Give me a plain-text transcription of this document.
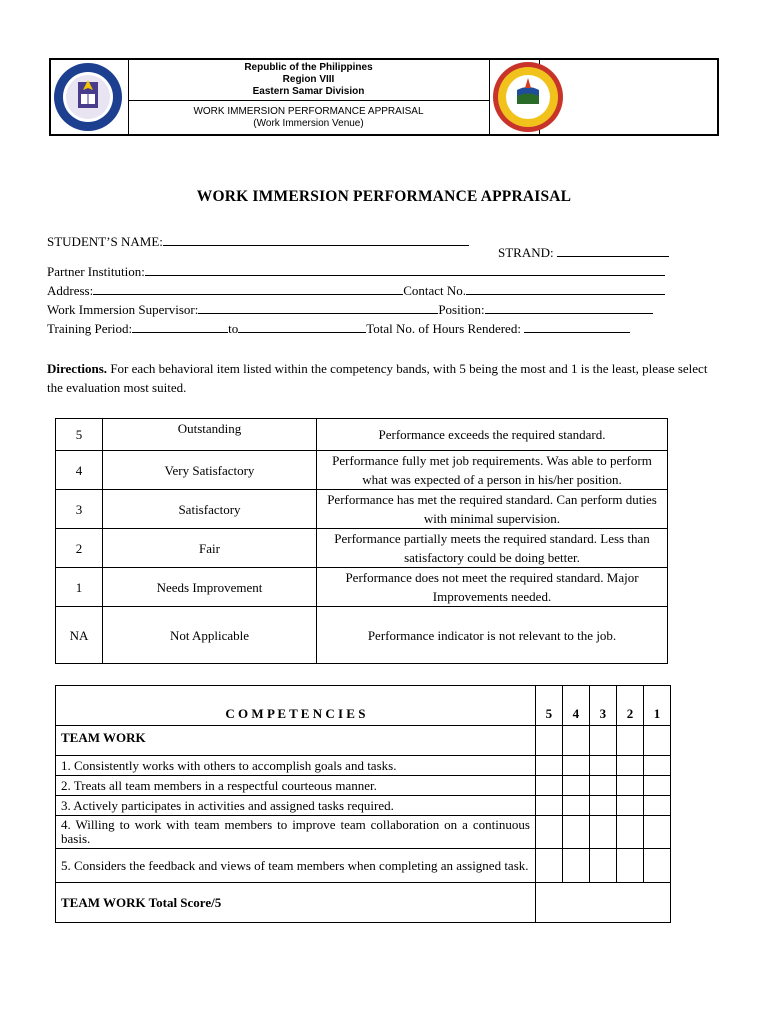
Republic of the Philippines
Region VIII
Eastern Samar Division
WORK IMMERSION PERFORMANCE APPRAISAL
(Work Immersion Venue)
WORK IMMERSION PERFORMANCE APPRAISAL
STUDENT’S NAME:
STRAND:
Partner Institution:
Address:	Contact No.
Work Immersion Supervisor:	Position:
Training Period:	to	Total No. of Hours Rendered:
Directions. For each behavioral item listed within the competency bands, with 5 being the most and 1 is the least, please select the evaluation most suited.
5	Outstanding	Performance exceeds the required standard.
4	Very Satisfactory	Performance fully met job requirements. Was able to perform what was expected of a person in his/her position.
3	Satisfactory	Performance has met the required standard. Can perform duties with minimal supervision.
2	Fair	Performance partially meets the required standard. Less than satisfactory could be doing better.
1	Needs Improvement	Performance does not meet the required standard. Major Improvements needed.
NA	Not Applicable	Performance indicator is not relevant to the job.
C O M P E T E N C I E S	5	4	3	2	1
TEAM WORK					
1. Consistently works with others to accomplish goals and tasks.					
2. Treats all team members in a respectful courteous manner.					
3. Actively participates in activities and assigned tasks required.					
4. Willing to work with team members to improve team collaboration on a continuous basis.					
5. Considers the feedback and views of team members when completing an assigned task.					
TEAM WORK Total Score/5					
